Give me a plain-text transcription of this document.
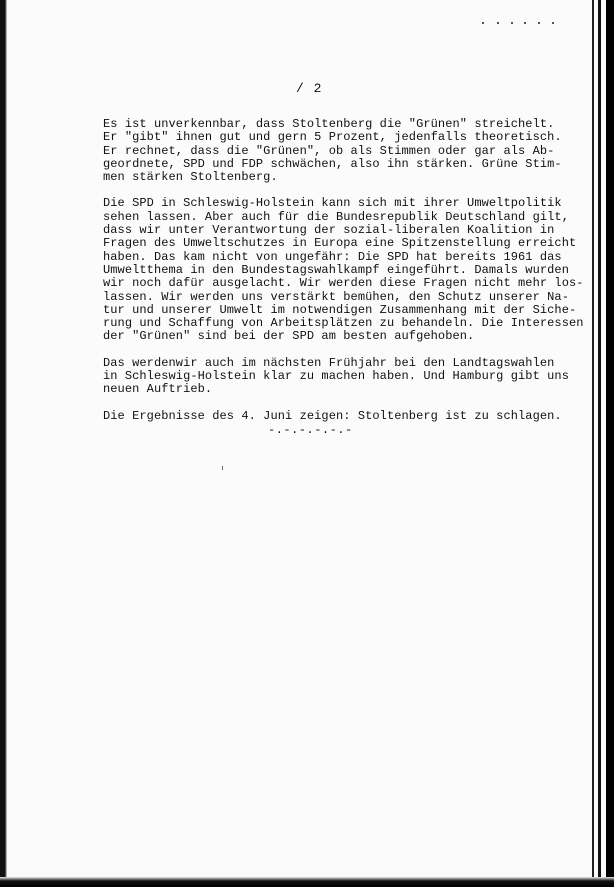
/ 2
Es ist unverkennbar, dass Stoltenberg die "Grünen" streichelt.
Er "gibt" ihnen gut und gern 5 Prozent, jedenfalls theoretisch.
Er rechnet, dass die "Grünen", ob als Stimmen oder gar als Ab-
geordnete, SPD und FDP schwächen, also ihn stärken. Grüne Stim-
men stärken Stoltenberg.
Die SPD in Schleswig-Holstein kann sich mit ihrer Umweltpolitik
sehen lassen. Aber auch für die Bundesrepublik Deutschland gilt,
dass wir unter Verantwortung der sozial-liberalen Koalition in
Fragen des Umweltschutzes in Europa eine Spitzenstellung erreicht
haben. Das kam nicht von ungefähr: Die SPD hat bereits 1961 das
Umweltthema in den Bundestagswahlkampf eingeführt. Damals wurden
wir noch dafür ausgelacht. Wir werden diese Fragen nicht mehr los-
lassen. Wir werden uns verstärkt bemühen, den Schutz unserer Na-
tur und unserer Umwelt im notwendigen Zusammenhang mit der Siche-
rung und Schaffung von Arbeitsplätzen zu behandeln. Die Interessen
der "Grünen" sind bei der SPD am besten aufgehoben.
Das werdenwir auch im nächsten Frühjahr bei den Landtagswahlen
in Schleswig-Holstein klar zu machen haben. Und Hamburg gibt uns
neuen Auftrieb.
Die Ergebnisse des 4. Juni zeigen: Stoltenberg ist zu schlagen.
-.-.-.-.-.-
